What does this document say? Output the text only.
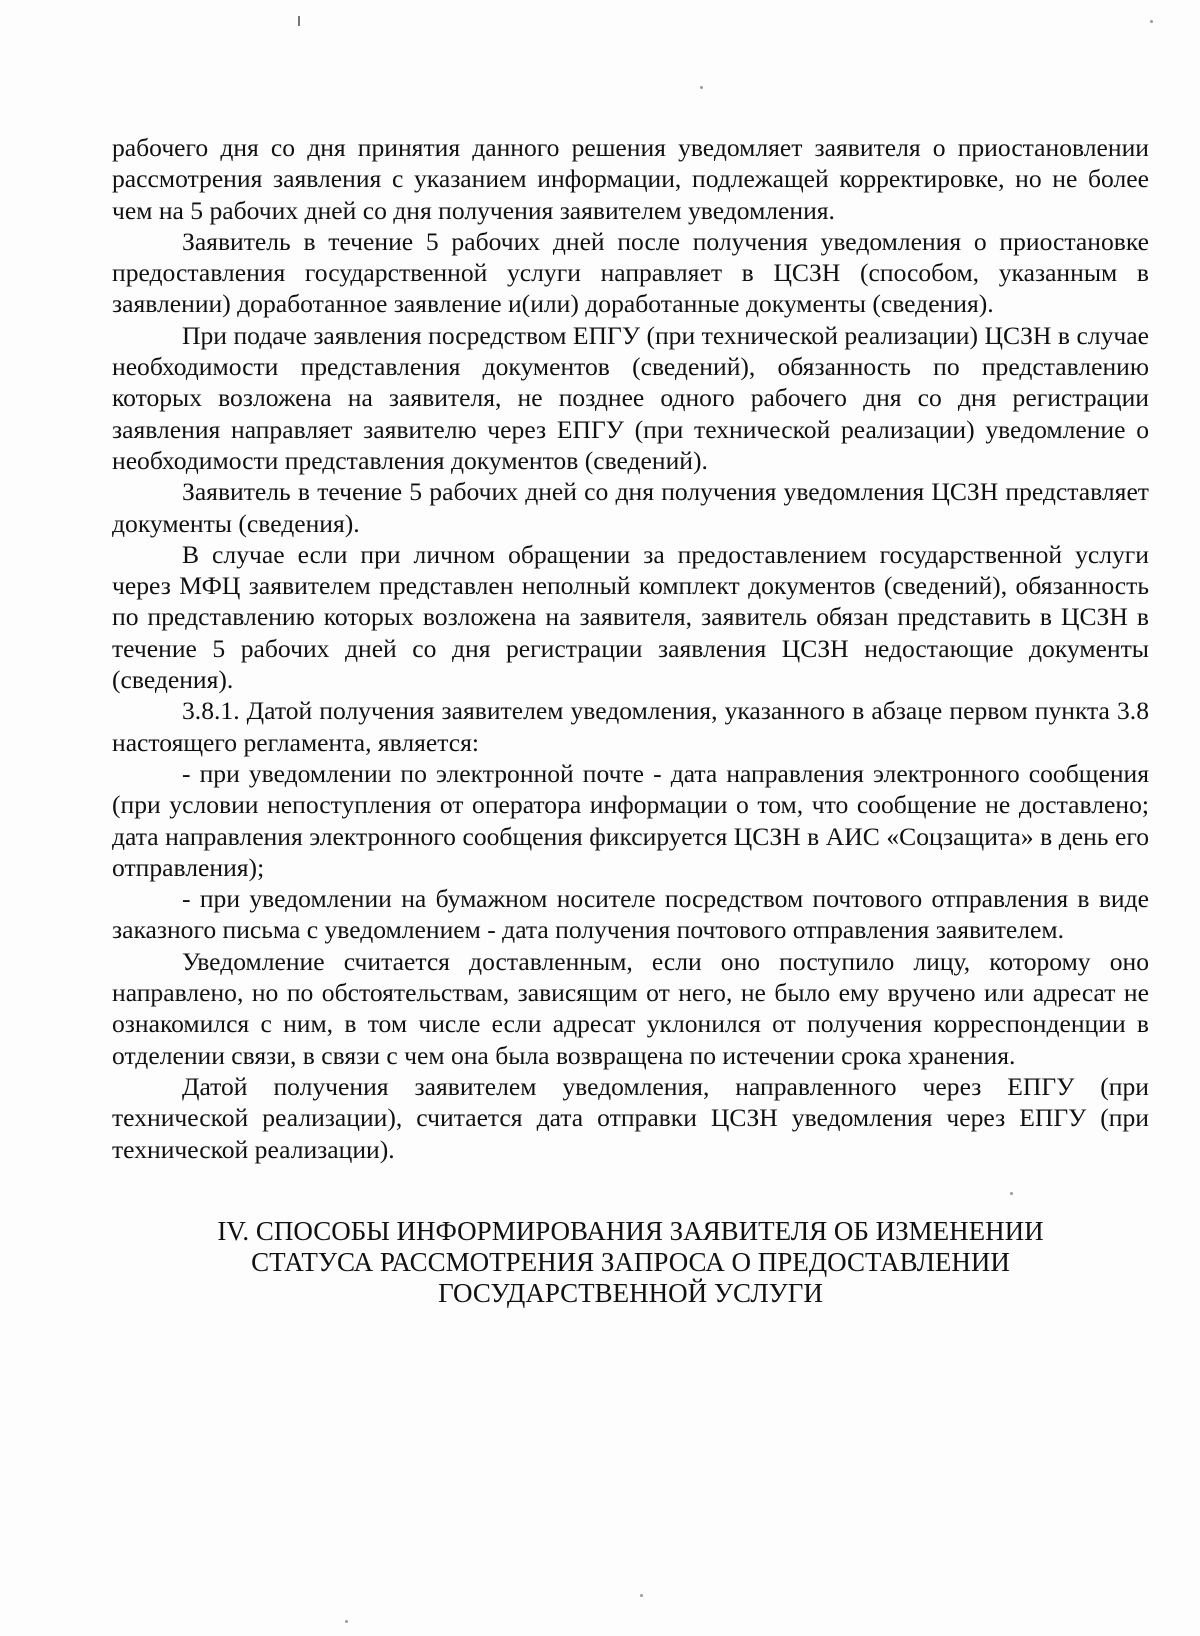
рабочего дня со дня принятия данного решения уведомляет заявителя о приостановлении рассмотрения заявления с указанием информации, подлежащей корректировке, но не более чем на 5 рабочих дней со дня получения заявителем уведомления.

Заявитель в течение 5 рабочих дней после получения уведомления о приостановке предоставления государственной услуги направляет в ЦСЗН (способом, указанным в заявлении) доработанное заявление и(или) доработанные документы (сведения).

При подаче заявления посредством ЕПГУ (при технической реализации) ЦСЗН в случае необходимости представления документов (сведений), обязанность по представлению которых возложена на заявителя, не позднее одного рабочего дня со дня регистрации заявления направляет заявителю через ЕПГУ (при технической реализации) уведомление о необходимости представления документов (сведений).

Заявитель в течение 5 рабочих дней со дня получения уведомления ЦСЗН представляет документы (сведения).

В случае если при личном обращении за предоставлением государственной услуги через МФЦ заявителем представлен неполный комплект документов (сведений), обязанность по представлению которых возложена на заявителя, заявитель обязан представить в ЦСЗН в течение 5 рабочих дней со дня регистрации заявления ЦСЗН недостающие документы (сведения).

3.8.1. Датой получения заявителем уведомления, указанного в абзаце первом пункта 3.8 настоящего регламента, является:

- при уведомлении по электронной почте - дата направления электронного сообщения (при условии непоступления от оператора информации о том, что сообщение не доставлено; дата направления электронного сообщения фиксируется ЦСЗН в АИС «Соцзащита» в день его отправления);

- при уведомлении на бумажном носителе посредством почтового отправления в виде заказного письма с уведомлением - дата получения почтового отправления заявителем.

Уведомление считается доставленным, если оно поступило лицу, которому оно направлено, но по обстоятельствам, зависящим от него, не было ему вручено или адресат не ознакомился с ним, в том числе если адресат уклонился от получения корреспонденции в отделении связи, в связи с чем она была возвращена по истечении срока хранения.

Датой получения заявителем уведомления, направленного через ЕПГУ (при технической реализации), считается дата отправки ЦСЗН уведомления через ЕПГУ (при технической реализации).

IV. СПОСОБЫ ИНФОРМИРОВАНИЯ ЗАЯВИТЕЛЯ ОБ ИЗМЕНЕНИИ
СТАТУСА РАССМОТРЕНИЯ ЗАПРОСА О ПРЕДОСТАВЛЕНИИ
ГОСУДАРСТВЕННОЙ УСЛУГИ
